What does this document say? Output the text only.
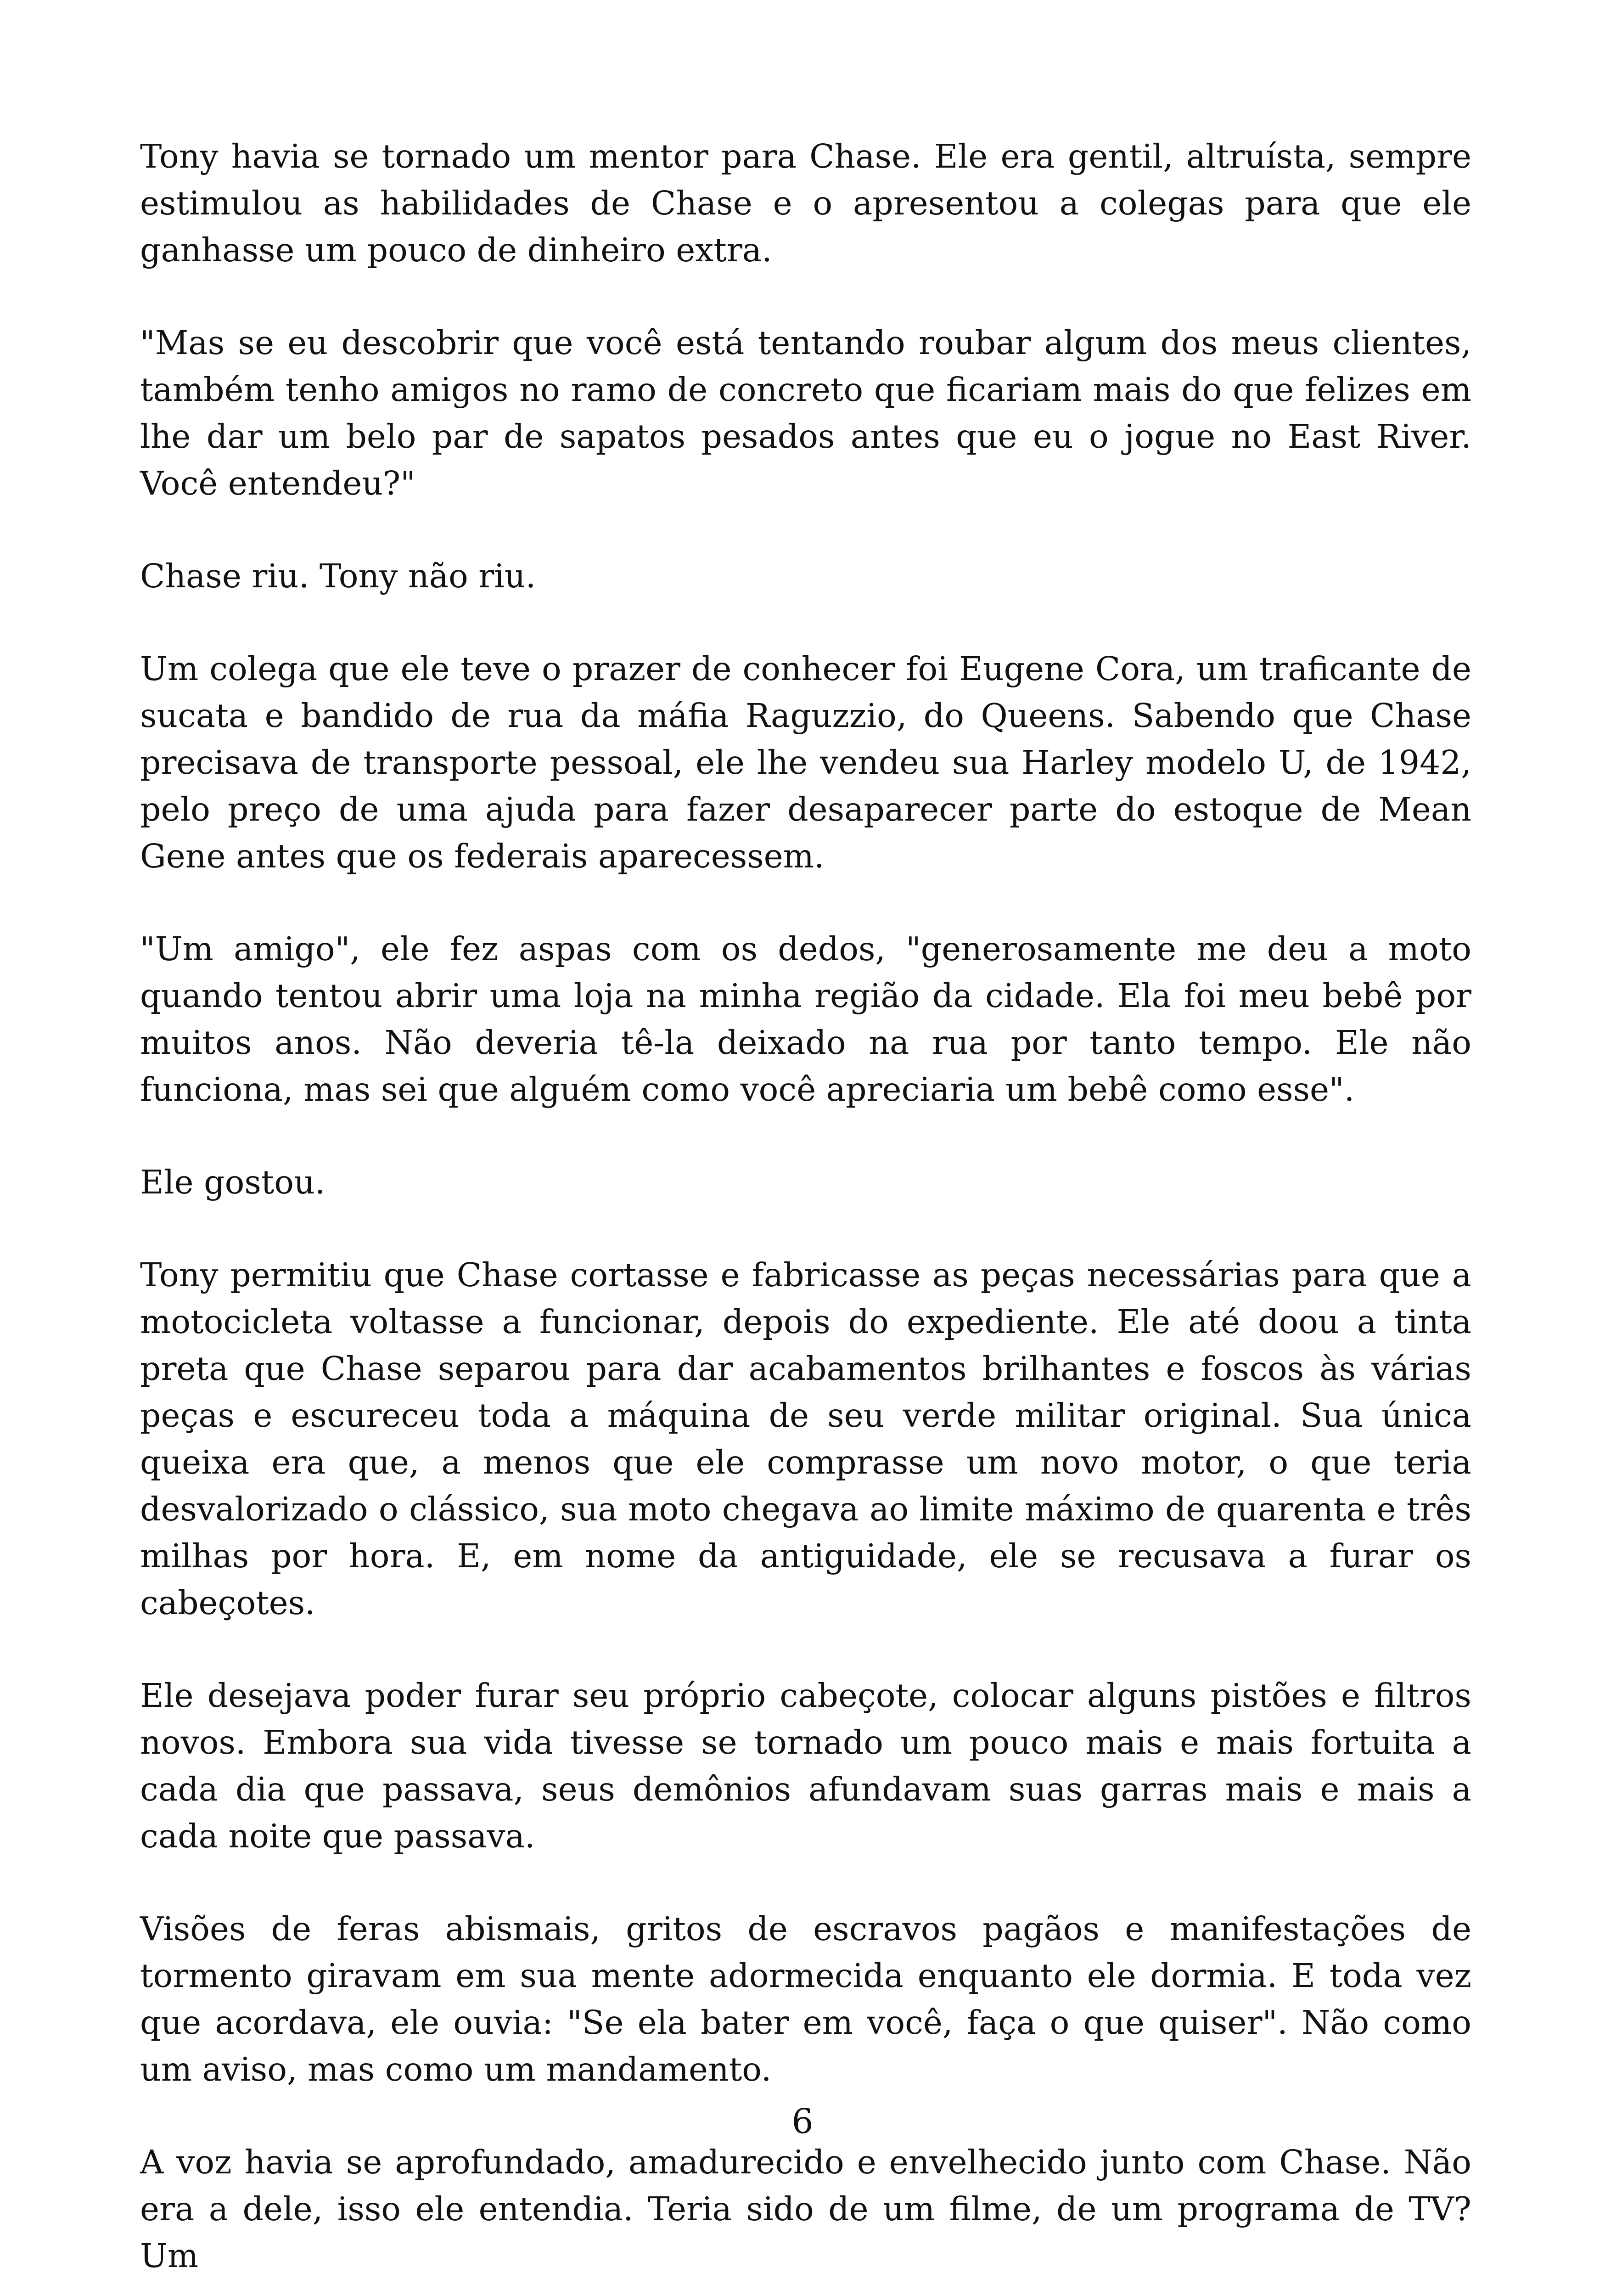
Tony havia se tornado um mentor para Chase. Ele era gentil, altruísta, sempre estimulou as habilidades de Chase e o apresentou a colegas para que ele ganhasse um pouco de dinheiro extra.

"Mas se eu descobrir que você está tentando roubar algum dos meus clientes, também tenho amigos no ramo de concreto que ficariam mais do que felizes em lhe dar um belo par de sapatos pesados antes que eu o jogue no East River. Você entendeu?"

Chase riu. Tony não riu.

Um colega que ele teve o prazer de conhecer foi Eugene Cora, um traficante de sucata e bandido de rua da máfia Raguzzio, do Queens. Sabendo que Chase precisava de transporte pessoal, ele lhe vendeu sua Harley modelo U, de 1942, pelo preço de uma ajuda para fazer desaparecer parte do estoque de Mean Gene antes que os federais aparecessem.

"Um amigo", ele fez aspas com os dedos, "generosamente me deu a moto quando tentou abrir uma loja na minha região da cidade. Ela foi meu bebê por muitos anos. Não deveria tê-la deixado na rua por tanto tempo. Ele não funciona, mas sei que alguém como você apreciaria um bebê como esse".

Ele gostou.

Tony permitiu que Chase cortasse e fabricasse as peças necessárias para que a motocicleta voltasse a funcionar, depois do expediente. Ele até doou a tinta preta que Chase separou para dar acabamentos brilhantes e foscos às várias peças e escureceu toda a máquina de seu verde militar original. Sua única queixa era que, a menos que ele comprasse um novo motor, o que teria desvalorizado o clássico, sua moto chegava ao limite máximo de quarenta e três milhas por hora. E, em nome da antiguidade, ele se recusava a furar os cabeçotes.

Ele desejava poder furar seu próprio cabeçote, colocar alguns pistões e filtros novos. Embora sua vida tivesse se tornado um pouco mais e mais fortuita a cada dia que passava, seus demônios afundavam suas garras mais e mais a cada noite que passava.

Visões de feras abismais, gritos de escravos pagãos e manifestações de tormento giravam em sua mente adormecida enquanto ele dormia. E toda vez que acordava, ele ouvia: "Se ela bater em você, faça o que quiser". Não como um aviso, mas como um mandamento.

A voz havia se aprofundado, amadurecido e envelhecido junto com Chase. Não era a dele, isso ele entendia. Teria sido de um filme, de um programa de TV? Um

6
